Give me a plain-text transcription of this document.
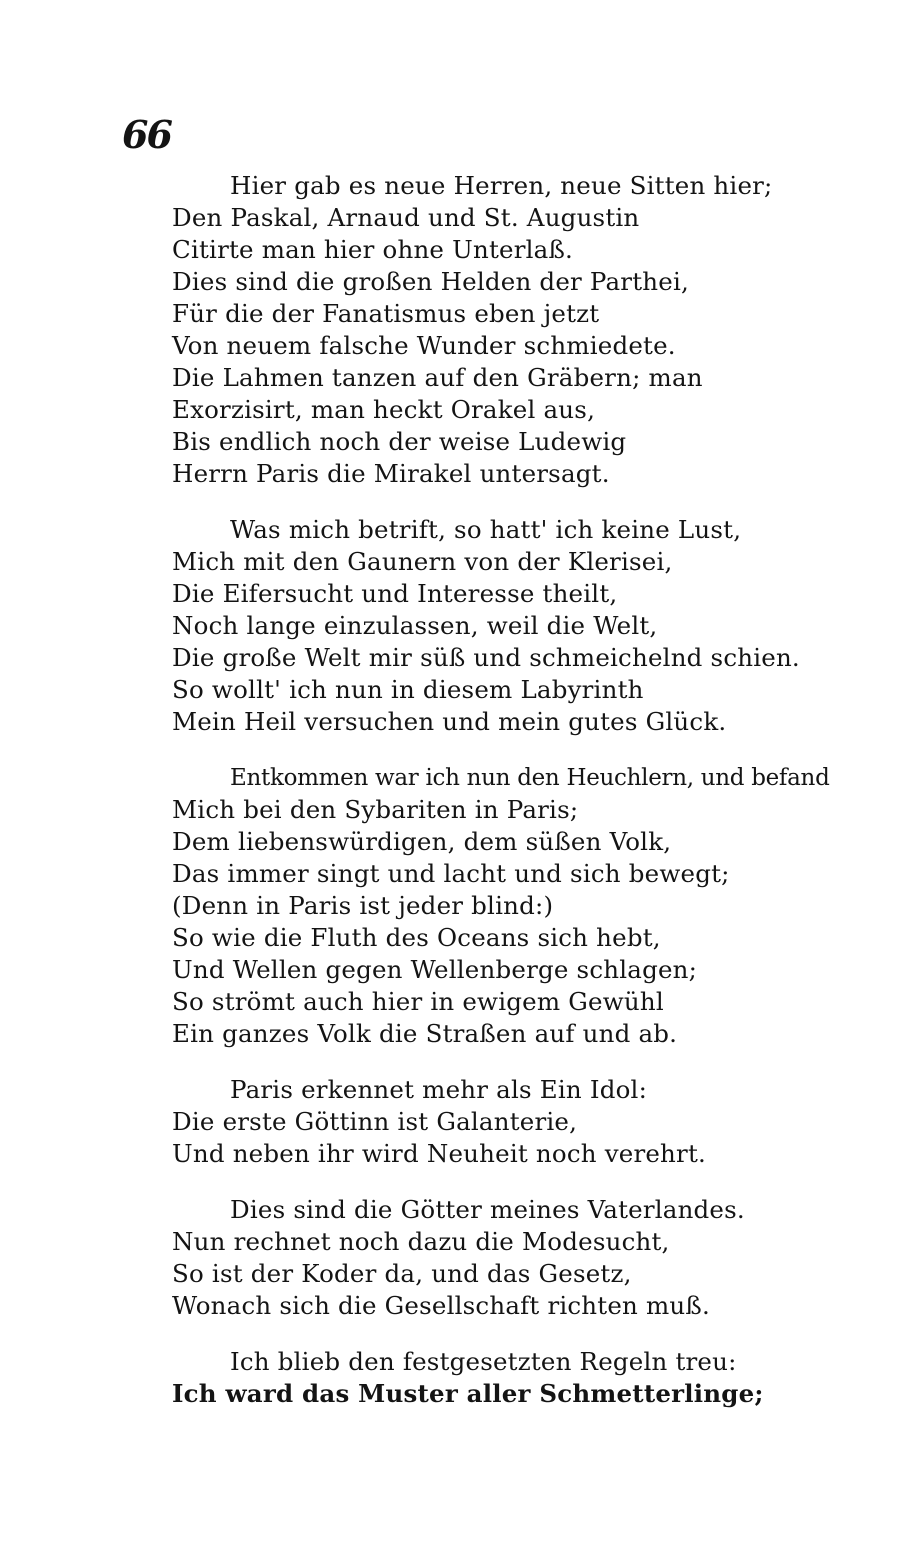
66
Hier gab es neue Herren, neue Sitten hier;
Den Paskal, Arnaud und St. Augustin
Citirte man hier ohne Unterlaß.
Dies sind die großen Helden der Parthei,
Für die der Fanatismus eben jetzt
Von neuem falsche Wunder schmiedete.
Die Lahmen tanzen auf den Gräbern; man
Exorzisirt, man heckt Orakel aus,
Bis endlich noch der weise Ludewig
Herrn Paris die Mirakel untersagt.
Was mich betrift, so hatt' ich keine Lust,
Mich mit den Gaunern von der Klerisei,
Die Eifersucht und Interesse theilt,
Noch lange einzulassen, weil die Welt,
Die große Welt mir süß und schmeichelnd schien.
So wollt' ich nun in diesem Labyrinth
Mein Heil versuchen und mein gutes Glück.
Entkommen war ich nun den Heuchlern, und befand
Mich bei den Sybariten in Paris;
Dem liebenswürdigen, dem süßen Volk,
Das immer singt und lacht und sich bewegt;
(Denn in Paris ist jeder blind:)
So wie die Fluth des Oceans sich hebt,
Und Wellen gegen Wellenberge schlagen;
So strömt auch hier in ewigem Gewühl
Ein ganzes Volk die Straßen auf und ab.
Paris erkennet mehr als Ein Idol:
Die erste Göttinn ist Galanterie,
Und neben ihr wird Neuheit noch verehrt.
Dies sind die Götter meines Vaterlandes.
Nun rechnet noch dazu die Modesucht,
So ist der Koder da, und das Gesetz,
Wonach sich die Gesellschaft richten muß.
Ich blieb den festgesetzten Regeln treu:
Ich ward das Muster aller Schmetterlinge;
